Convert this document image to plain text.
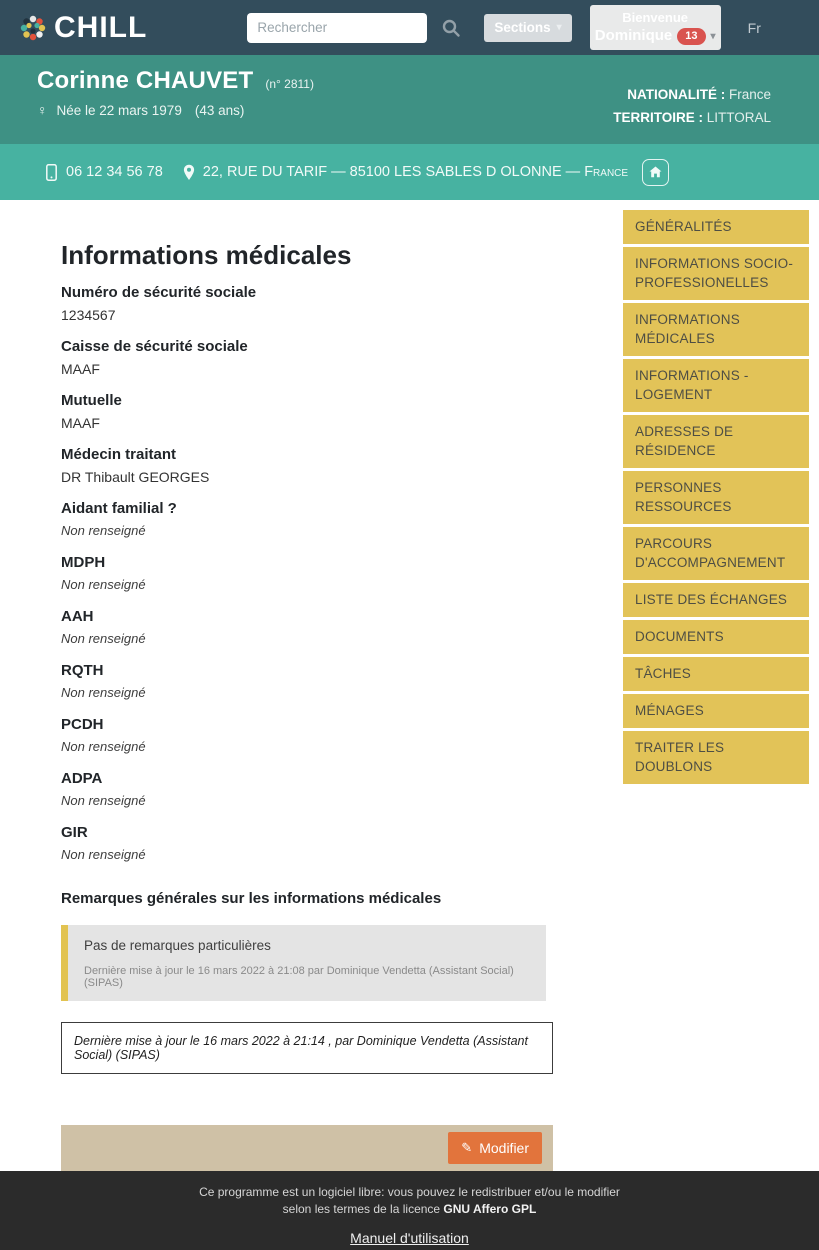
CHILL
Rechercher	Sections ▾
Bienvenue
Dominique	13	▾
Fr
Corinne CHAUVET (n° 2811)
♀ Née le 22 mars 1979 (43 ans)
NATIONALITÉ : France
TERRITOIRE : LITTORAL
06 12 34 56 78	22, RUE DU TARIF — 85100 LES SABLES D OLONNE — France
Informations médicales
Numéro de sécurité sociale
1234567
Caisse de sécurité sociale
MAAF
Mutuelle
MAAF
Médecin traitant
DR Thibault GEORGES
Aidant familial ?
Non renseigné
MDPH
Non renseigné
AAH
Non renseigné
RQTH
Non renseigné
PCDH
Non renseigné
ADPA
Non renseigné
GIR
Non renseigné
Remarques générales sur les informations médicales
Pas de remarques particulières
Dernière mise à jour le 16 mars 2022 à 21:08 par Dominique Vendetta (Assistant Social) (SIPAS)
Dernière mise à jour le 16 mars 2022 à 21:14 , par Dominique Vendetta (Assistant Social) (SIPAS)
✎ Modifier
GÉNÉRALITÉS
INFORMATIONS SOCIO-PROFESSIONELLES
INFORMATIONS MÉDICALES
INFORMATIONS - LOGEMENT
ADRESSES DE RÉSIDENCE
PERSONNES RESSOURCES
PARCOURS D'ACCOMPAGNEMENT
LISTE DES ÉCHANGES
DOCUMENTS
TÂCHES
MÉNAGES
TRAITER LES DOUBLONS
Ce programme est un logiciel libre: vous pouvez le redistribuer et/ou le modifier
selon les termes de la licence GNU Affero GPL
Manuel d'utilisation
